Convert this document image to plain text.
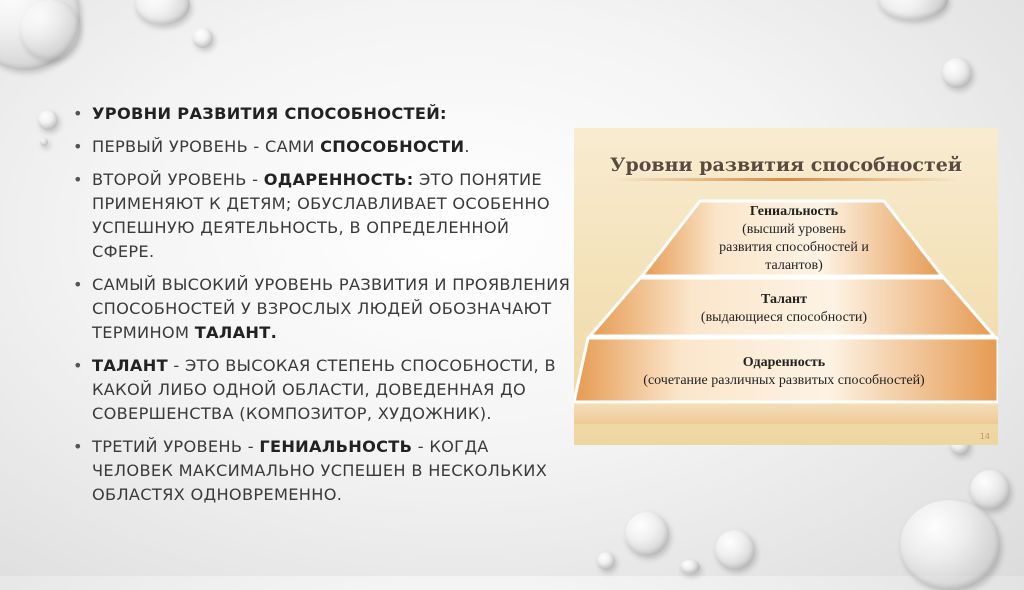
• УРОВНИ РАЗВИТИЯ СПОСОБНОСТЕЙ:
• ПЕРВЫЙ УРОВЕНЬ - САМИ СПОСОБНОСТИ.
• ВТОРОЙ УРОВЕНЬ - ОДАРЕННОСТЬ: ЭТО ПОНЯТИЕ ПРИМЕНЯЮТ К ДЕТЯМ; ОБУСЛАВЛИВАЕТ ОСОБЕННО УСПЕШНУЮ ДЕЯТЕЛЬНОСТЬ, В ОПРЕДЕЛЕННОЙ СФЕРЕ.
• САМЫЙ ВЫСОКИЙ УРОВЕНЬ РАЗВИТИЯ И ПРОЯВЛЕНИЯ СПОСОБНОСТЕЙ У ВЗРОСЛЫХ ЛЮДЕЙ ОБОЗНАЧАЮТ ТЕРМИНОМ ТАЛАНТ.
• ТАЛАНТ - ЭТО ВЫСОКАЯ СТЕПЕНЬ СПОСОБНОСТИ, В КАКОЙ ЛИБО ОДНОЙ ОБЛАСТИ, ДОВЕДЕННАЯ ДО СОВЕРШЕНСТВА (КОМПОЗИТОР, ХУДОЖНИК).
• ТРЕТИЙ УРОВЕНЬ - ГЕНИАЛЬНОСТЬ - КОГДА ЧЕЛОВЕК МАКСИМАЛЬНО УСПЕШЕН В НЕСКОЛЬКИХ ОБЛАСТЯХ ОДНОВРЕМЕННО.
Уровни развития способностей
Гениальность
(высший уровень
развития способностей и
талантов)
Талант
(выдающиеся способности)
Одаренность
(сочетание различных развитых способностей)
14
